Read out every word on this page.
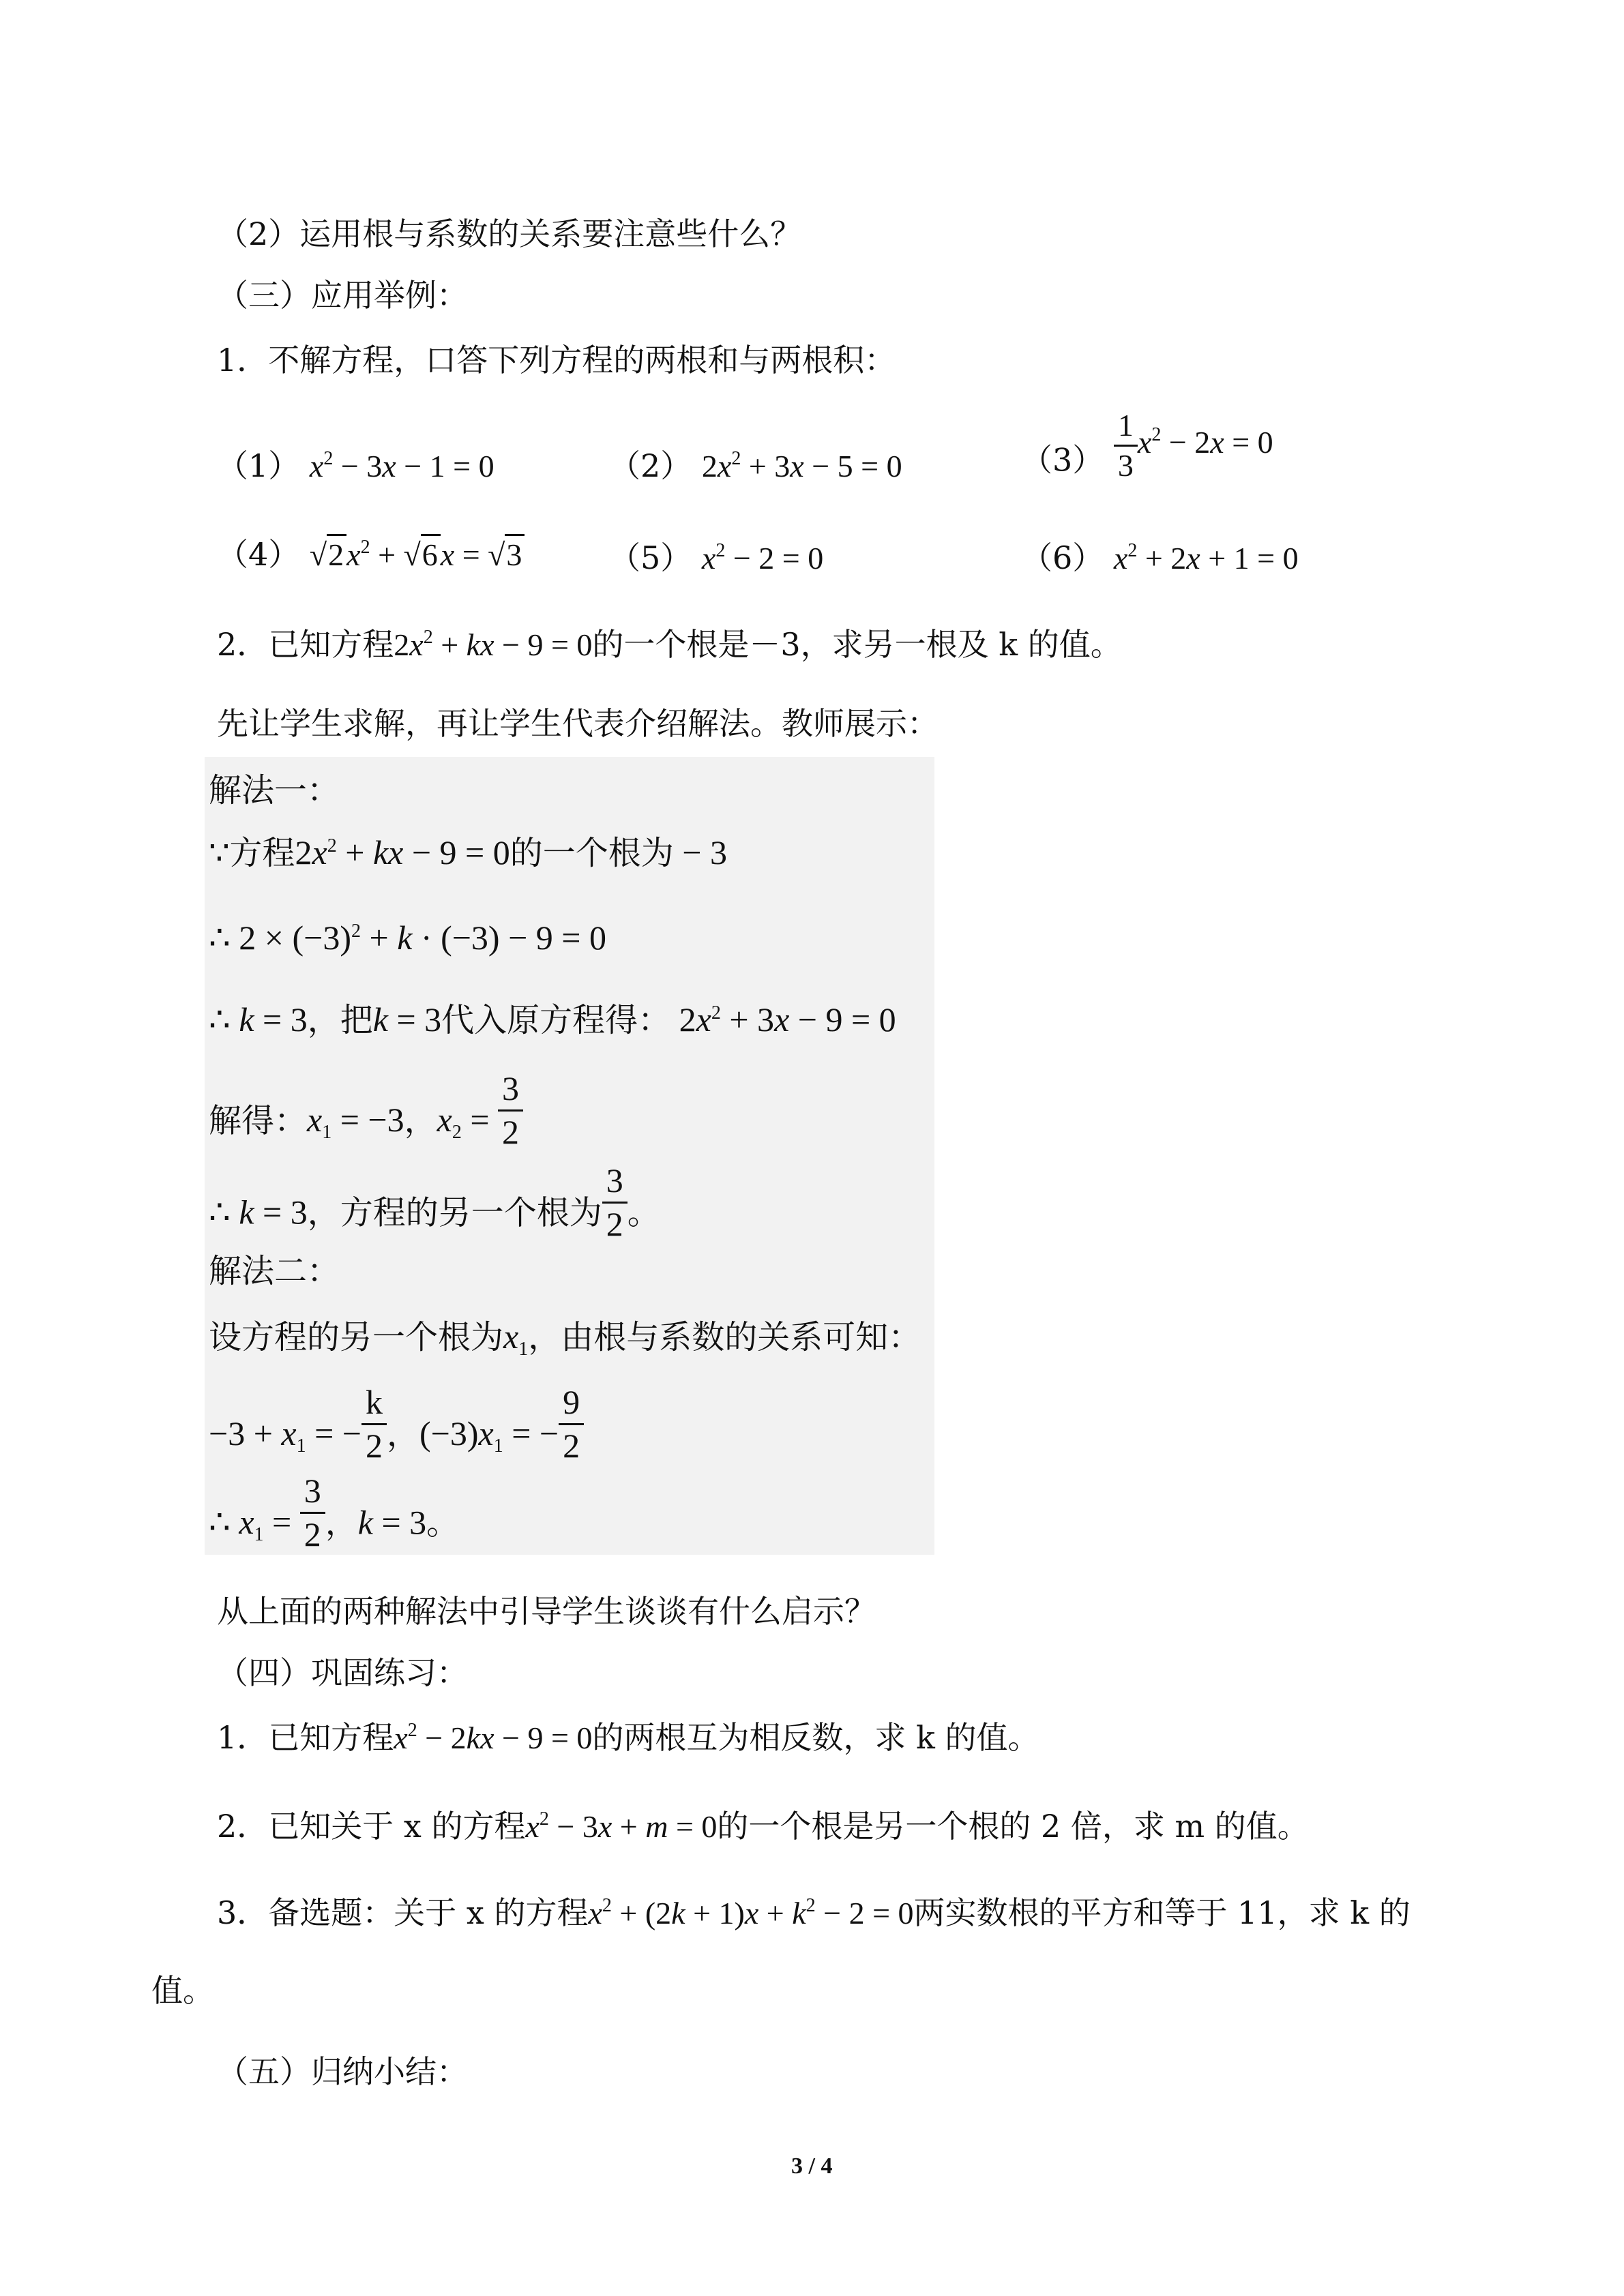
（2）运用根与系数的关系要注意些什么？
（三）应用举例：
1．不解方程，口答下列方程的两根和与两根积：
（1） $x^2 - 3x - 1 = 0$	（2） $2x^2 + 3x - 5 = 0$	$(3) \frac{1}{3} x^2 - 2x = 0$
（4） $√2x^2 + √6x = √3$	（5） $x^2 - 2 = 0$	（6） $x^2 + 2x + 1 = 0$
2．已知方程$2x^2$ + kx − 9 = 0的一个根是－3，求另一根及 k 的值。
先让学生求解，再让学生代表介绍解法。教师展示：
解法一：
∵方程$2x^2$ + kx − 9 = 0的一个根为 − 3
∴ $2 \times (-3)^2 + k \cdot (-3) - 9 = 0$
∴ k = 3，把k = 3代入原方程得： $2x^2 + 3x - 9 = 0$
解得：$x_1 = -3$，$x_2 = \frac{3}{2}$
∴ k = 3，方程的另一个根为 $\frac{3}{2}$ 。
解法二：
设方程的另一个根为$x_1$，由根与系数的关系可知：
$-3 + x_1$ = − $\frac{k}{2}$ ，$(-3)x_1$ = − $\frac{9}{2}$
∴ $x_1 = \frac{3}{2}$ ，k = 3。
从上面的两种解法中引导学生谈谈有什么启示？
（四）巩固练习：
1．已知方程$x^2 - 2kx - 9 = 0$的两根互为相反数，求 k 的值。
2．已知关于 x 的方程$x^2 - 3x + m = 0$的一个根是另一个根的 2 倍，求 m 的值。
3．备选题：关于 x 的方程$x^2 + (2k + 1)x + k^2 - 2 = 0$两实数根的平方和等于 11，求 k 的
值。
（五）归纳小结：
3 / 4
